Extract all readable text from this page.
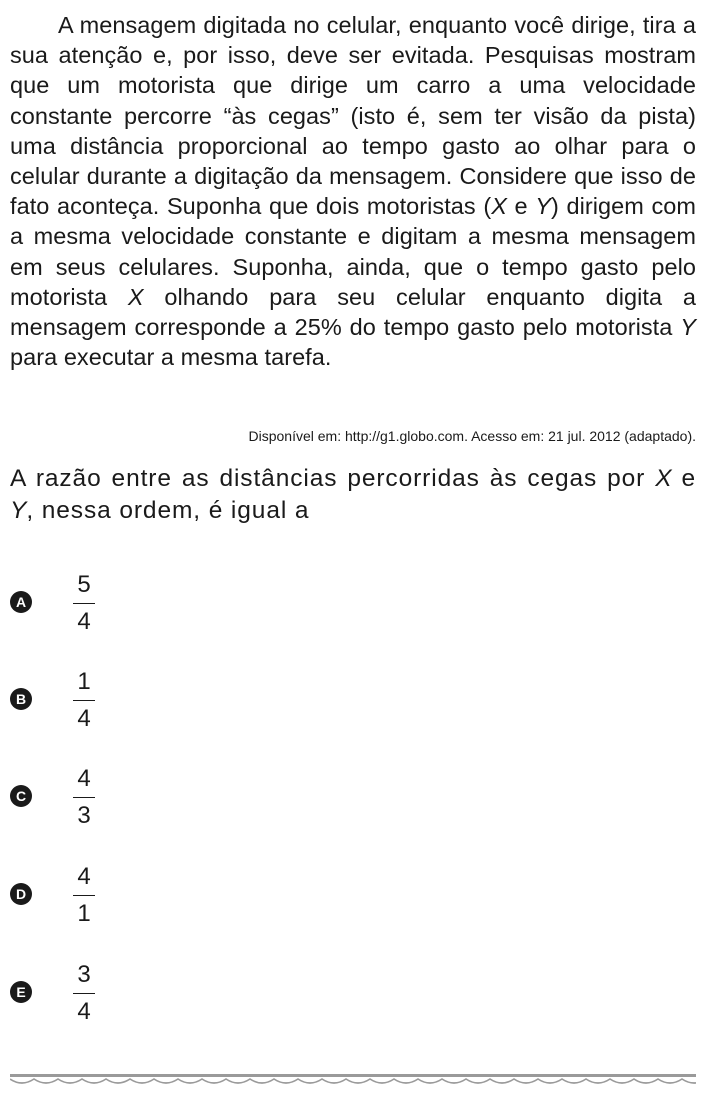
A mensagem digitada no celular, enquanto você dirige, tira a sua atenção e, por isso, deve ser evitada. Pesquisas mostram que um motorista que dirige um carro a uma velocidade constante percorre “às cegas” (isto é, sem ter visão da pista) uma distância proporcional ao tempo gasto ao olhar para o celular durante a digitação da mensagem. Considere que isso de fato aconteça. Suponha que dois motoristas (X e Y) dirigem com a mesma velocidade constante e digitam a mesma mensagem em seus celulares. Suponha, ainda, que o tempo gasto pelo motorista X olhando para seu celular enquanto digita a mensagem corresponde a 25% do tempo gasto pelo motorista Y para executar a mesma tarefa.

Disponível em: http://g1.globo.com. Acesso em: 21 jul. 2012 (adaptado).

A razão entre as distâncias percorridas às cegas por X e Y, nessa ordem, é igual a

A
5
4
B
1
4
C
4
3
D
4
1
E
3
4
